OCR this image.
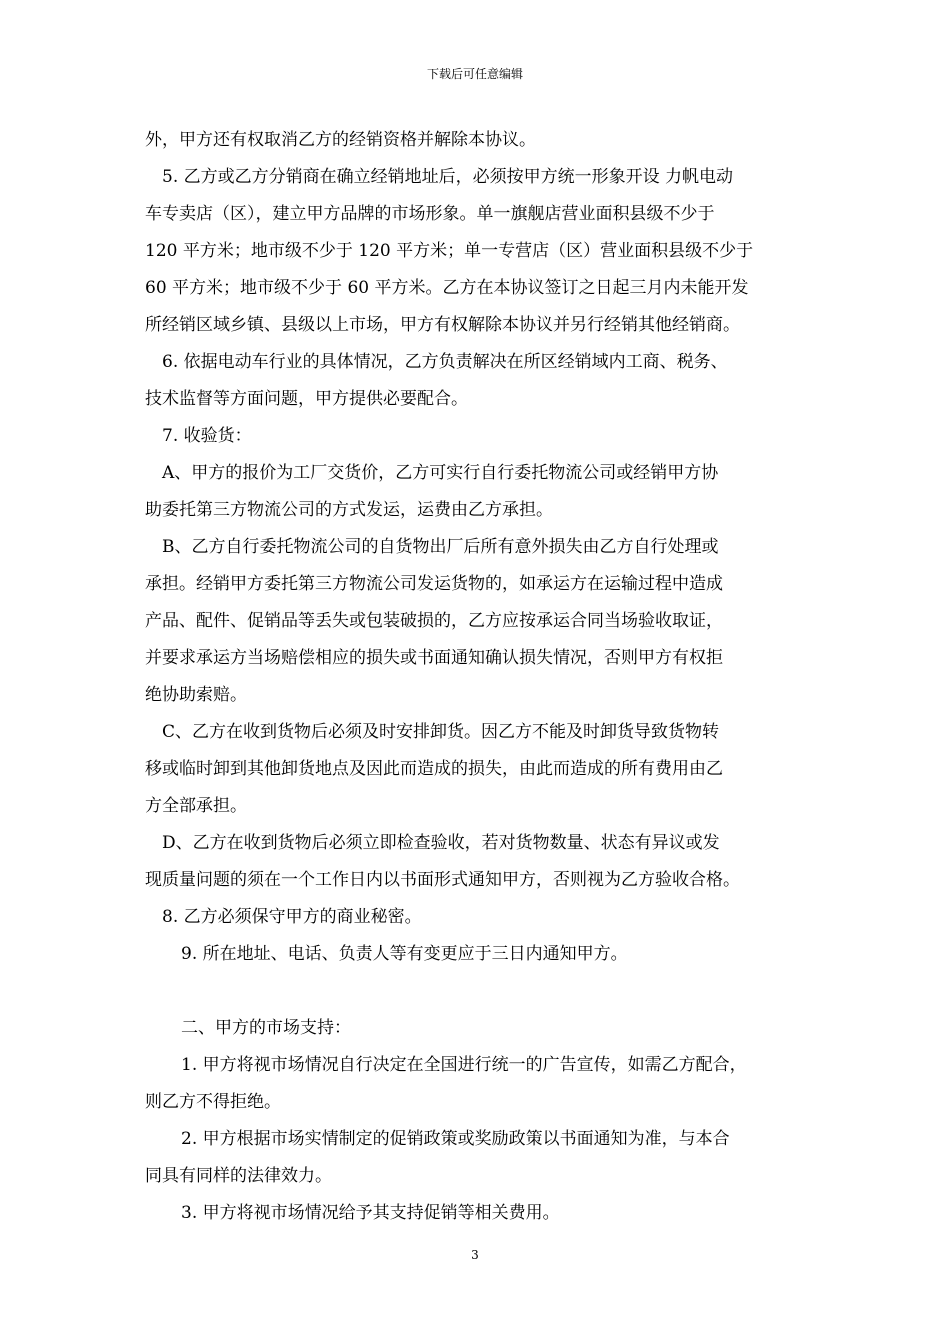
下载后可任意编辑
外，甲方还有权取消乙方的经销资格并解除本协议。
5. 乙方或乙方分销商在确立经销地址后，必须按甲方统一形象开设 力帆电动
车专卖店（区），建立甲方品牌的市场形象。单一旗舰店营业面积县级不少于
120 平方米；地市级不少于 120 平方米；单一专营店（区）营业面积县级不少于
60 平方米；地市级不少于 60 平方米。乙方在本协议签订之日起三月内未能开发
所经销区域乡镇、县级以上市场，甲方有权解除本协议并另行经销其他经销商。
6. 依据电动车行业的具体情况，乙方负责解决在所区经销域内工商、税务、
技术监督等方面问题，甲方提供必要配合。
7. 收验货：
A、甲方的报价为工厂交货价，乙方可实行自行委托物流公司或经销甲方协
助委托第三方物流公司的方式发运，运费由乙方承担。
B、乙方自行委托物流公司的自货物出厂后所有意外损失由乙方自行处理或
承担。经销甲方委托第三方物流公司发运货物的，如承运方在运输过程中造成
产品、配件、促销品等丢失或包装破损的，乙方应按承运合同当场验收取证，
并要求承运方当场赔偿相应的损失或书面通知确认损失情况，否则甲方有权拒
绝协助索赔。
C、乙方在收到货物后必须及时安排卸货。因乙方不能及时卸货导致货物转
移或临时卸到其他卸货地点及因此而造成的损失，由此而造成的所有费用由乙
方全部承担。
D、乙方在收到货物后必须立即检查验收，若对货物数量、状态有异议或发
现质量问题的须在一个工作日内以书面形式通知甲方，否则视为乙方验收合格。
8. 乙方必须保守甲方的商业秘密。
9. 所在地址、电话、负责人等有变更应于三日内通知甲方。
二、甲方的市场支持：
1. 甲方将视市场情况自行决定在全国进行统一的广告宣传，如需乙方配合，
则乙方不得拒绝。
2. 甲方根据市场实情制定的促销政策或奖励政策以书面通知为准，与本合
同具有同样的法律效力。
3. 甲方将视市场情况给予其支持促销等相关费用。
3
